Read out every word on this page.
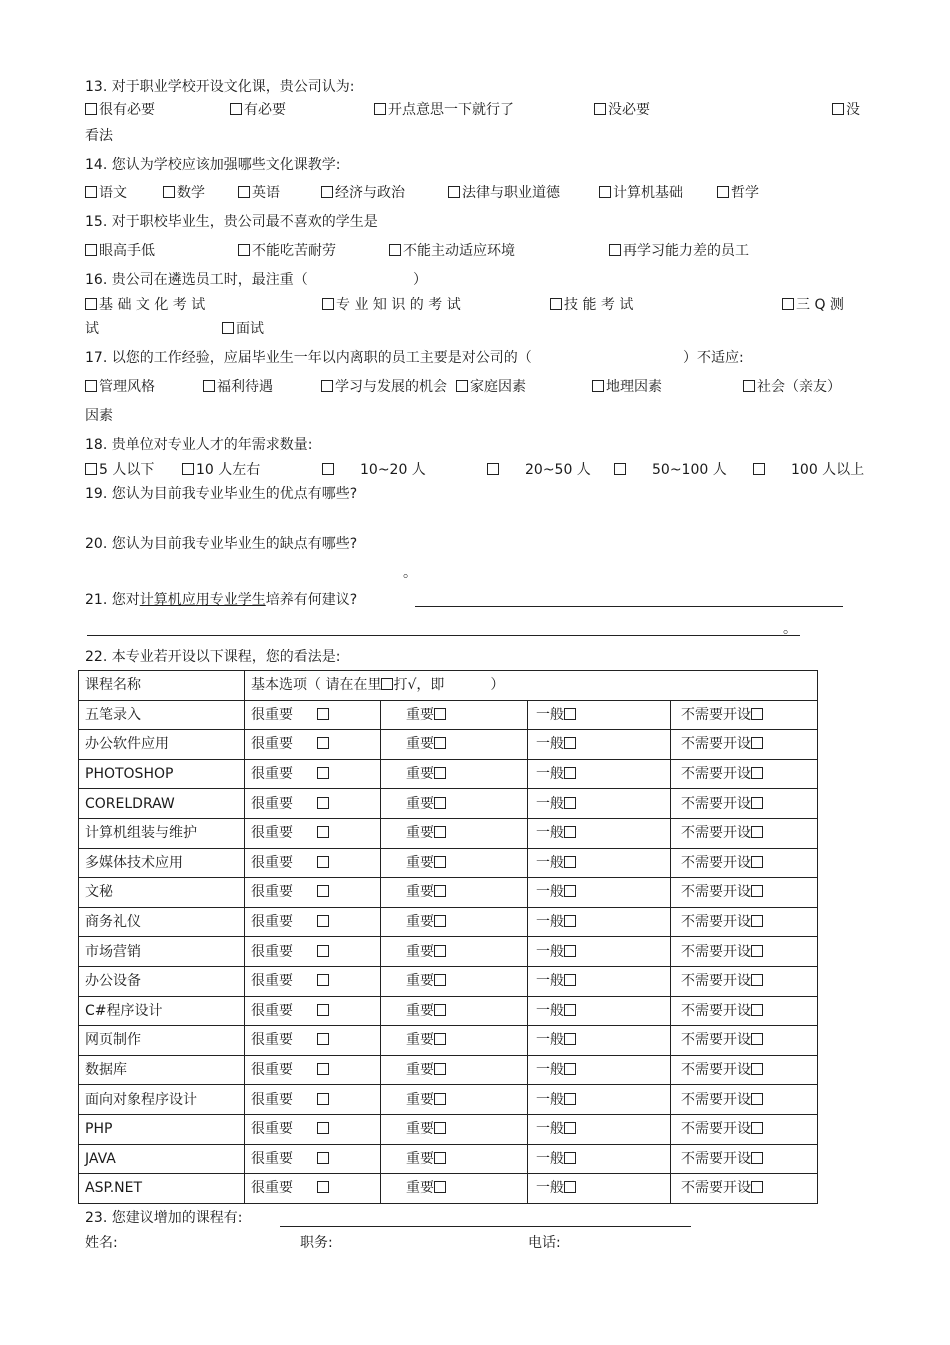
13. 对于职业学校开设文化课，贵公司认为:
很有必要	有必要	开点意思一下就行了	没必要	没
看法
14. 您认为学校应该加强哪些文化课教学:
语文	数学	英语	经济与政治	法律与职业道德	计算机基础	哲学
15. 对于职校毕业生，贵公司最不喜欢的学生是
眼高手低	不能吃苦耐劳	不能主动适应环境	再学习能力差的员工
16. 贵公司在遴选员工时，最注重（	）
基 础 文 化 考 试	专 业 知 识 的 考 试	技 能 考 试	三 Q 测
试	面试
17. 以您的工作经验，应届毕业生一年以内离职的员工主要是对公司的（	）不适应:
管理风格	福利待遇	学习与发展的机会	家庭因素	地理因素	社会（亲友）
因素
18. 贵单位对专业人才的年需求数量:
5 人以下	10 人左右	10~20 人	20~50 人	50~100 人	100 人以上
19. 您认为目前我专业毕业生的优点有哪些?
20. 您认为目前我专业毕业生的缺点有哪些?
。
21. 您对计算机应用专业学生培养有何建议?
。
22. 本专业若开设以下课程，您的看法是:
课程名称	基本选项（ 请在在里 打√，即 ）			
五笔录入	很重要	重要	一般	不需要开设
办公软件应用	很重要	重要	一般	不需要开设
PHOTOSHOP	很重要	重要	一般	不需要开设
CORELDRAW	很重要	重要	一般	不需要开设
计算机组装与维护	很重要	重要	一般	不需要开设
多媒体技术应用	很重要	重要	一般	不需要开设
文秘	很重要	重要	一般	不需要开设
商务礼仪	很重要	重要	一般	不需要开设
市场营销	很重要	重要	一般	不需要开设
办公设备	很重要	重要	一般	不需要开设
C#程序设计	很重要	重要	一般	不需要开设
网页制作	很重要	重要	一般	不需要开设
数据库	很重要	重要	一般	不需要开设
面向对象程序设计	很重要	重要	一般	不需要开设
PHP	很重要	重要	一般	不需要开设
JAVA	很重要	重要	一般	不需要开设
ASP.NET	很重要	重要	一般	不需要开设
23. 您建议增加的课程有:
姓名:	职务:	电话:
